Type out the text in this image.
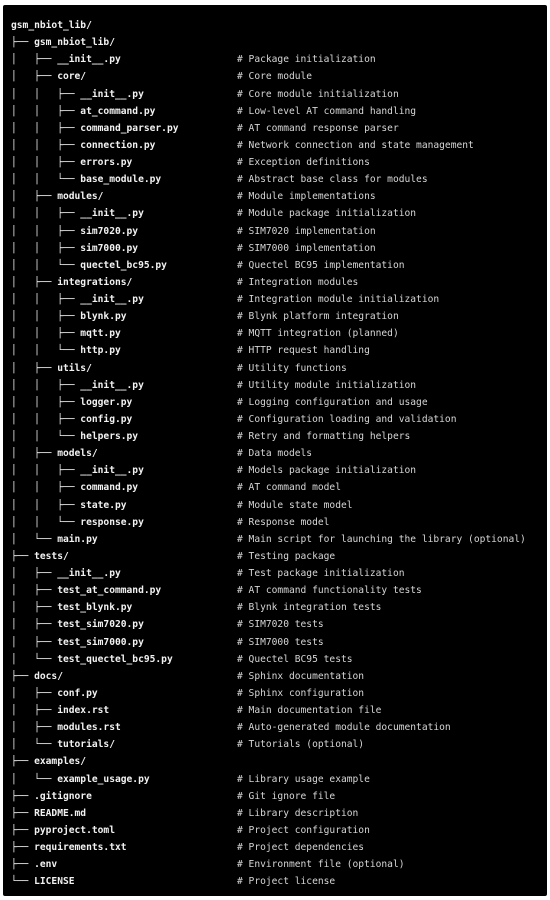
gsm_nbiot_lib/
├── gsm_nbiot_lib/
│   ├── __init__.py	# Package initialization
│   ├── core/	# Core module
│   │   ├── __init__.py	# Core module initialization
│   │   ├── at_command.py	# Low-level AT command handling
│   │   ├── command_parser.py	# AT command response parser
│   │   ├── connection.py	# Network connection and state management
│   │   ├── errors.py	# Exception definitions
│   │   └── base_module.py	# Abstract base class for modules
│   ├── modules/	# Module implementations
│   │   ├── __init__.py	# Module package initialization
│   │   ├── sim7020.py	# SIM7020 implementation
│   │   ├── sim7000.py	# SIM7000 implementation
│   │   └── quectel_bc95.py	# Quectel BC95 implementation
│   ├── integrations/	# Integration modules
│   │   ├── __init__.py	# Integration module initialization
│   │   ├── blynk.py	# Blynk platform integration
│   │   ├── mqtt.py	# MQTT integration (planned)
│   │   └── http.py	# HTTP request handling
│   ├── utils/	# Utility functions
│   │   ├── __init__.py	# Utility module initialization
│   │   ├── logger.py	# Logging configuration and usage
│   │   ├── config.py	# Configuration loading and validation
│   │   └── helpers.py	# Retry and formatting helpers
│   ├── models/	# Data models
│   │   ├── __init__.py	# Models package initialization
│   │   ├── command.py	# AT command model
│   │   ├── state.py	# Module state model
│   │   └── response.py	# Response model
│   └── main.py	# Main script for launching the library (optional)
├── tests/	# Testing package
│   ├── __init__.py	# Test package initialization
│   ├── test_at_command.py	# AT command functionality tests
│   ├── test_blynk.py	# Blynk integration tests
│   ├── test_sim7020.py	# SIM7020 tests
│   ├── test_sim7000.py	# SIM7000 tests
│   └── test_quectel_bc95.py	# Quectel BC95 tests
├── docs/	# Sphinx documentation
│   ├── conf.py	# Sphinx configuration
│   ├── index.rst	# Main documentation file
│   ├── modules.rst	# Auto-generated module documentation
│   └── tutorials/	# Tutorials (optional)
├── examples/
│   └── example_usage.py	# Library usage example
├── .gitignore	# Git ignore file
├── README.md	# Library description
├── pyproject.toml	# Project configuration
├── requirements.txt	# Project dependencies
├── .env	# Environment file (optional)
└── LICENSE	# Project license
